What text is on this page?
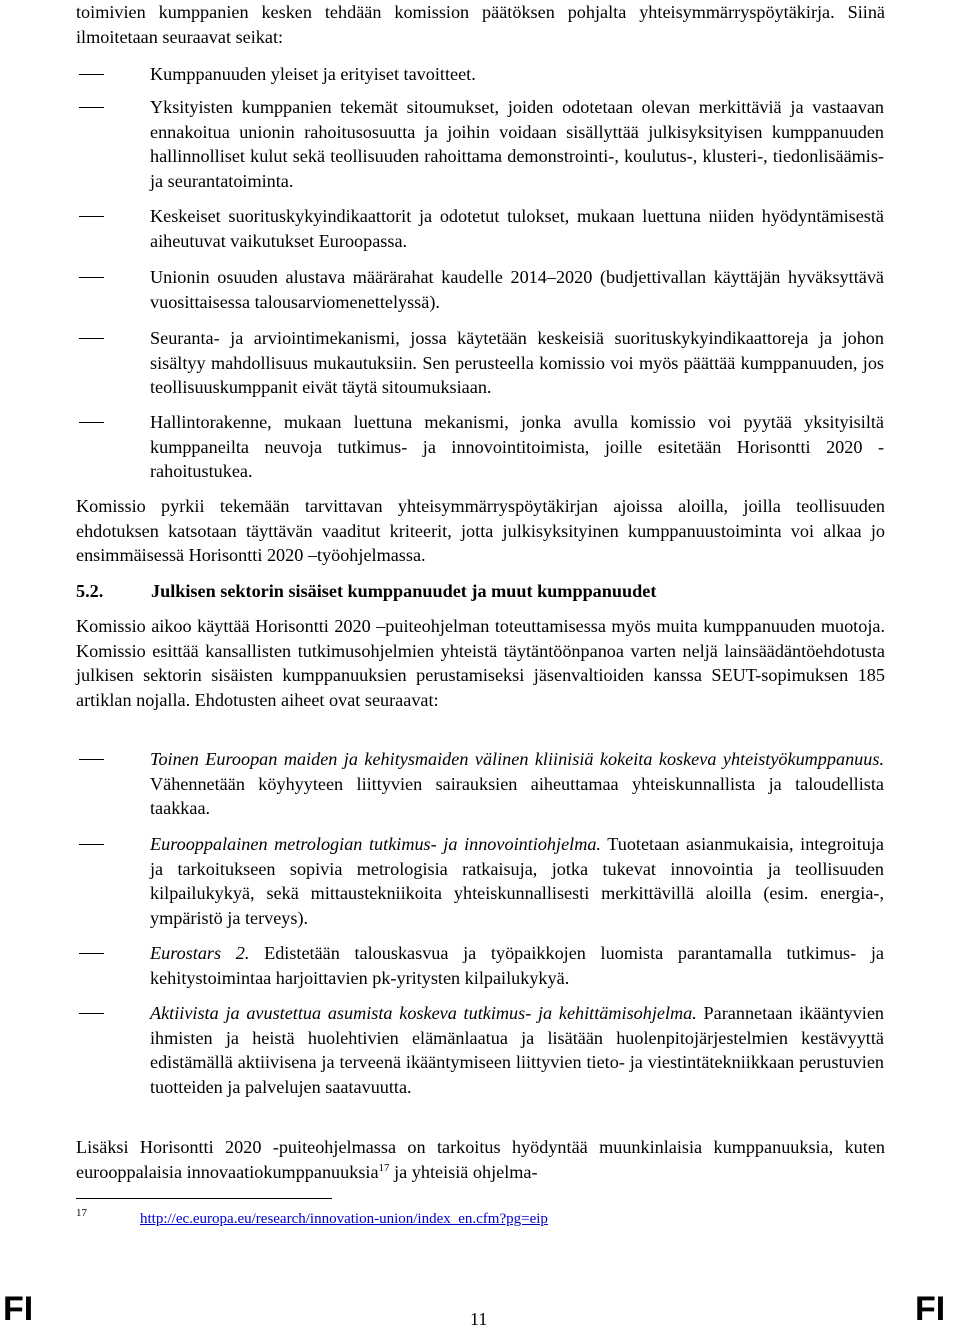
toimivien kumppanien kesken tehdään komission päätöksen pohjalta yhteisymmärryspöytäkirja. Siinä ilmoitetaan seuraavat seikat:

Kumppanuuden yleiset ja erityiset tavoitteet.

Yksityisten kumppanien tekemät sitoumukset, joiden odotetaan olevan merkittäviä ja vastaavan ennakoitua unionin rahoitusosuutta ja joihin voidaan sisällyttää julkisyksityisen kumppanuuden hallinnolliset kulut sekä teollisuuden rahoittama demonstrointi-, koulutus-, klusteri-, tiedonlisäämis- ja seurantatoiminta.

Keskeiset suorituskykyindikaattorit ja odotetut tulokset, mukaan luettuna niiden hyödyntämisestä aiheutuvat vaikutukset Euroopassa.

Unionin osuuden alustava määrärahat kaudelle 2014–2020 (budjettivallan käyttäjän hyväksyttävä vuosittaisessa talousarviomenettelyssä).

Seuranta- ja arviointimekanismi, jossa käytetään keskeisiä suorituskykyindikaattoreja ja johon sisältyy mahdollisuus mukautuksiin. Sen perusteella komissio voi myös päättää kumppanuuden, jos teollisuuskumppanit eivät täytä sitoumuksiaan.

Hallintorakenne, mukaan luettuna mekanismi, jonka avulla komissio voi pyytää yksityisiltä kumppaneilta neuvoja tutkimus- ja innovointitoimista, joille esitetään Horisontti 2020 -rahoitustukea.

Komissio pyrkii tekemään tarvittavan yhteisymmärryspöytäkirjan ajoissa aloilla, joilla teollisuuden ehdotuksen katsotaan täyttävän vaaditut kriteerit, jotta julkisyksityinen kumppanuustoiminta voi alkaa jo ensimmäisessä Horisontti 2020 –työohjelmassa.

5.2.	Julkisen sektorin sisäiset kumppanuudet ja muut kumppanuudet

Komissio aikoo käyttää Horisontti 2020 –puiteohjelman toteuttamisessa myös muita kumppanuuden muotoja. Komissio esittää kansallisten tutkimusohjelmien yhteistä täytäntöönpanoa varten neljä lainsäädäntöehdotusta julkisen sektorin sisäisten kumppanuuksien perustamiseksi jäsenvaltioiden kanssa SEUT-sopimuksen 185 artiklan nojalla. Ehdotusten aiheet ovat seuraavat:

Toinen Euroopan maiden ja kehitysmaiden välinen kliinisiä kokeita koskeva yhteistyökumppanuus. Vähennetään köyhyyteen liittyvien sairauksien aiheuttamaa yhteiskunnallista ja taloudellista taakkaa.

Eurooppalainen metrologian tutkimus- ja innovointiohjelma. Tuotetaan asianmukaisia, integroituja ja tarkoitukseen sopivia metrologisia ratkaisuja, jotka tukevat innovointia ja teollisuuden kilpailukykyä, sekä mittaustekniikoita yhteiskunnallisesti merkittävillä aloilla (esim. energia-, ympäristö ja terveys).

Eurostars 2. Edistetään talouskasvua ja työpaikkojen luomista parantamalla tutkimus- ja kehitystoimintaa harjoittavien pk-yritysten kilpailukykyä.

Aktiivista ja avustettua asumista koskeva tutkimus- ja kehittämisohjelma. Parannetaan ikääntyvien ihmisten ja heistä huolehtivien elämänlaatua ja lisätään huolenpitojärjestelmien kestävyyttä edistämällä aktiivisena ja terveenä ikääntymiseen liittyvien tieto- ja viestintätekniikkaan perustuvien tuotteiden ja palvelujen saatavuutta.

Lisäksi Horisontti 2020 -puiteohjelmassa on tarkoitus hyödyntää muunkinlaisia kumppanuuksia, kuten eurooppalaisia innovaatiokumppanuuksia$^{17}$ ja yhteisiä ohjelma-

17	http://ec.europa.eu/research/innovation-union/index_en.cfm?pg=eip
FI	11	FI
